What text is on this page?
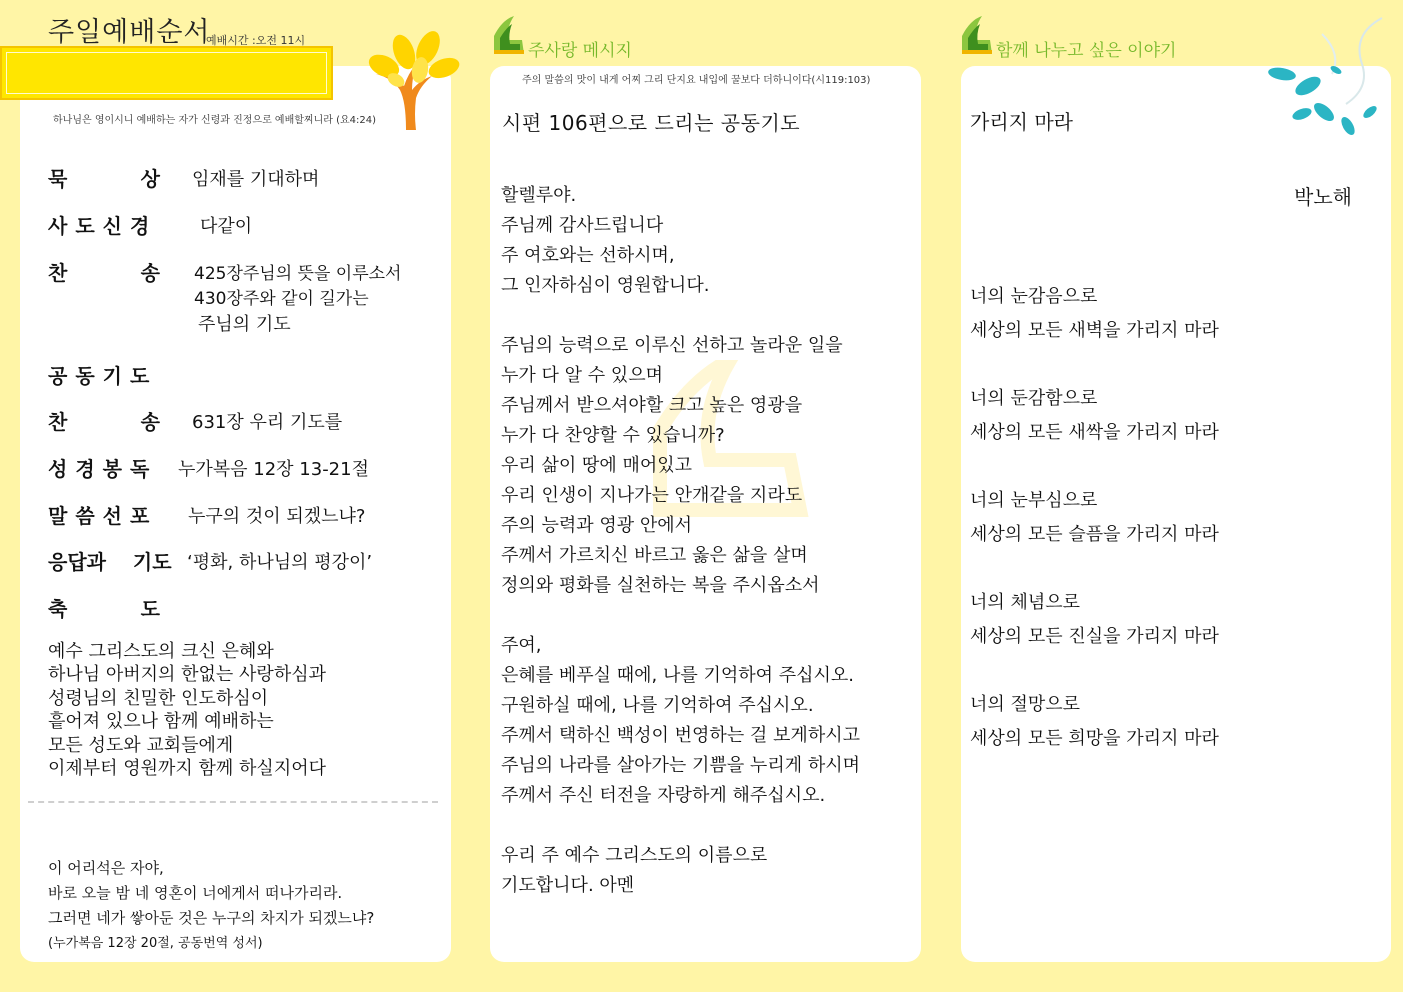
주일예배순서
예배시간 :오전 11시
하나님은 영이시니 예배하는 자가 신령과 진정으로 예배할찌니라 (요4:24)
묵	상 임재를 기대하며
사도신경 다같이
찬	송 425장주님의 뜻을 이루소서
430장주와 같이 길가는
주님의 기도
공동기도
찬	송 631장 우리 기도를
성경봉독 누가복음 12장 13-21절
말씀선포 누구의 것이 되겠느냐?
응답과 기도 ‘평화, 하나님의 평강이’
축	도
예수 그리스도의 크신 은혜와
하나님 아버지의 한없는 사랑하심과
성령님의 친밀한 인도하심이
흩어져 있으나 함께 예배하는
모든 성도와 교회들에게
이제부터 영원까지 함께 하실지어다
이 어리석은 자야,
바로 오늘 밤 네 영혼이 너에게서 떠나가리라.
그러면 네가 쌓아둔 것은 누구의 차지가 되겠느냐?
(누가복음 12장 20절, 공동번역 성서)
주사랑 메시지
주의 말씀의 맛이 내게 어찌 그리 단지요 내입에 꿀보다 더하니이다(시119:103)
시편 106편으로 드리는 공동기도
할렐루야.
주님께 감사드립니다
주 여호와는 선하시며,
그 인자하심이 영원합니다.
주님의 능력으로 이루신 선하고 놀라운 일을
누가 다 알 수 있으며
주님께서 받으셔야할 크고 높은 영광을
누가 다 찬양할 수 있습니까?
우리 삶이 땅에 매어있고
우리 인생이 지나가는 안개같을 지라도
주의 능력과 영광 안에서
주께서 가르치신 바르고 옳은 삶을 살며
정의와 평화를 실천하는 복을 주시옵소서
주여,
은혜를 베푸실 때에, 나를 기억하여 주십시오.
구원하실 때에, 나를 기억하여 주십시오.
주께서 택하신 백성이 번영하는 걸 보게하시고
주님의 나라를 살아가는 기쁨을 누리게 하시며
주께서 주신 터전을 자랑하게 해주십시오.
우리 주 예수 그리스도의 이름으로
기도합니다. 아멘
함께 나누고 싶은 이야기
가리지 마라
박노해
너의 눈감음으로
세상의 모든 새벽을 가리지 마라
너의 둔감함으로
세상의 모든 새싹을 가리지 마라
너의 눈부심으로
세상의 모든 슬픔을 가리지 마라
너의 체념으로
세상의 모든 진실을 가리지 마라
너의 절망으로
세상의 모든 희망을 가리지 마라
